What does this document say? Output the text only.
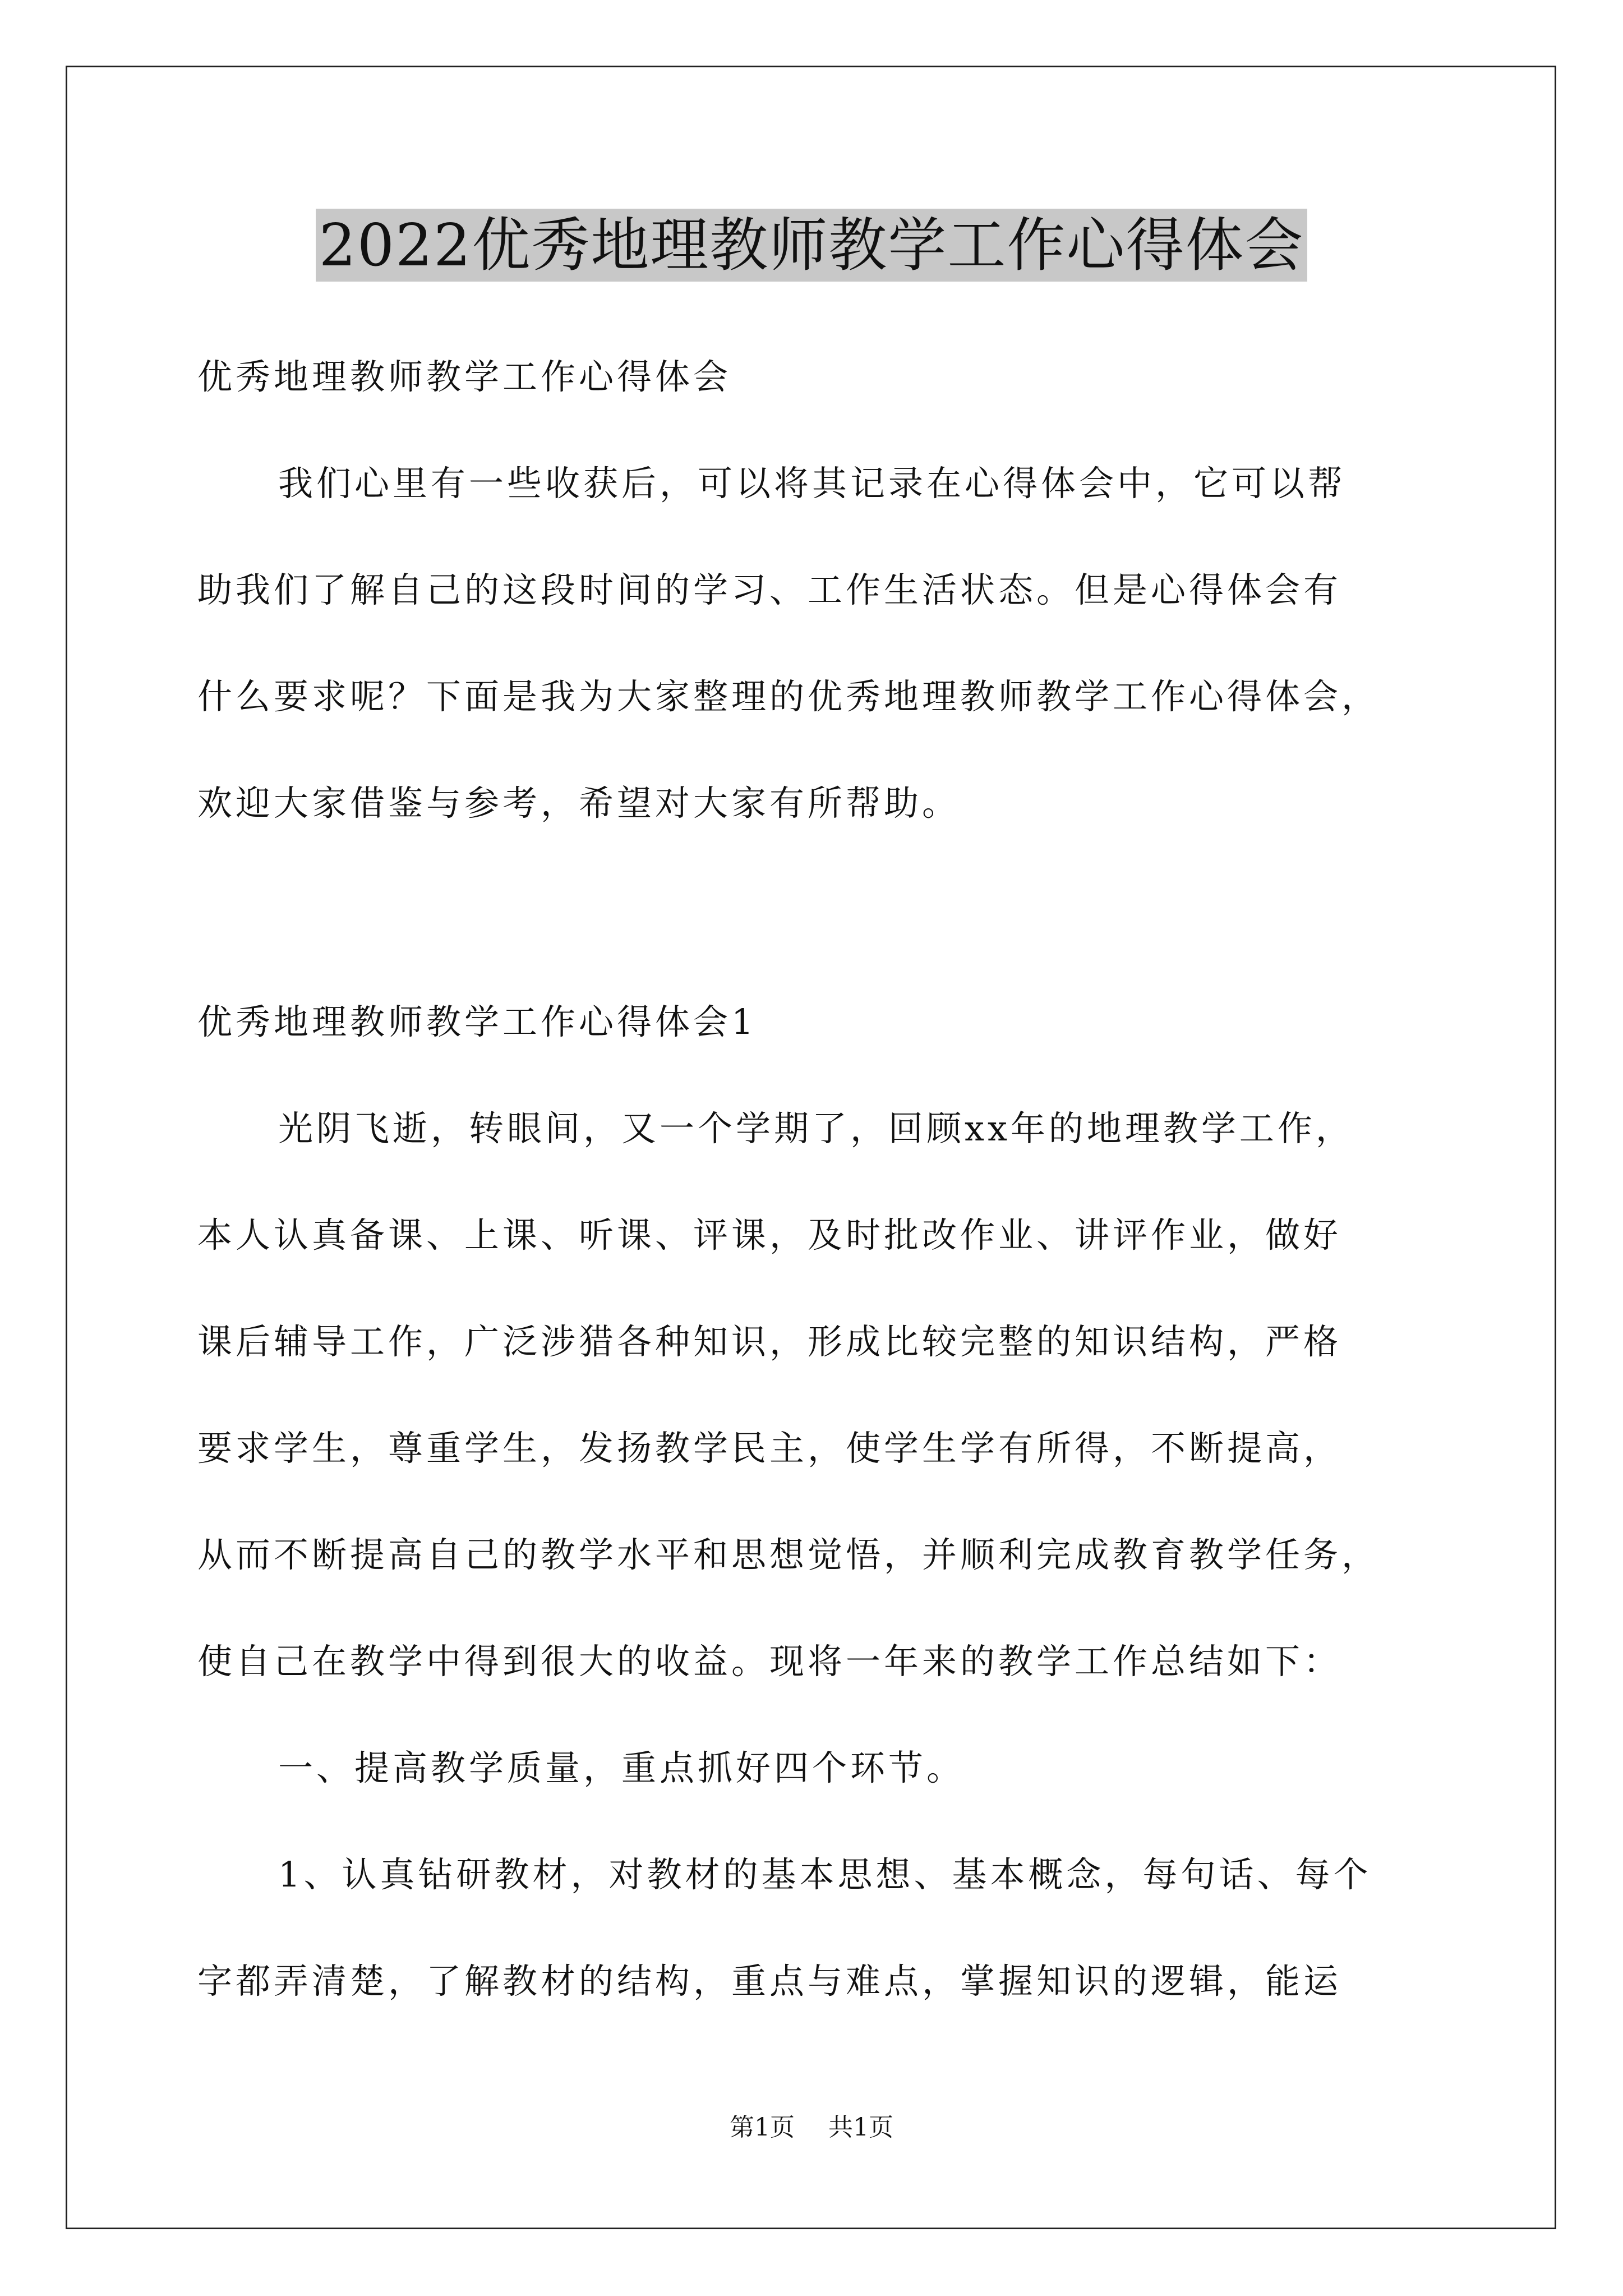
2022优秀地理教师教学工作心得体会
优秀地理教师教学工作心得体会
我们心里有一些收获后，可以将其记录在心得体会中，它可以帮
助我们了解自己的这段时间的学习、工作生活状态。但是心得体会有
什么要求呢？下面是我为大家整理的优秀地理教师教学工作心得体会，
欢迎大家借鉴与参考，希望对大家有所帮助。
优秀地理教师教学工作心得体会1
光阴飞逝，转眼间，又一个学期了，回顾xx年的地理教学工作，
本人认真备课、上课、听课、评课，及时批改作业、讲评作业，做好
课后辅导工作，广泛涉猎各种知识，形成比较完整的知识结构，严格
要求学生，尊重学生，发扬教学民主，使学生学有所得，不断提高，
从而不断提高自己的教学水平和思想觉悟，并顺利完成教育教学任务，
使自己在教学中得到很大的收益。现将一年来的教学工作总结如下：
一、提高教学质量，重点抓好四个环节。
1、认真钻研教材，对教材的基本思想、基本概念，每句话、每个
字都弄清楚，了解教材的结构，重点与难点，掌握知识的逻辑，能运
第1页 共1页
